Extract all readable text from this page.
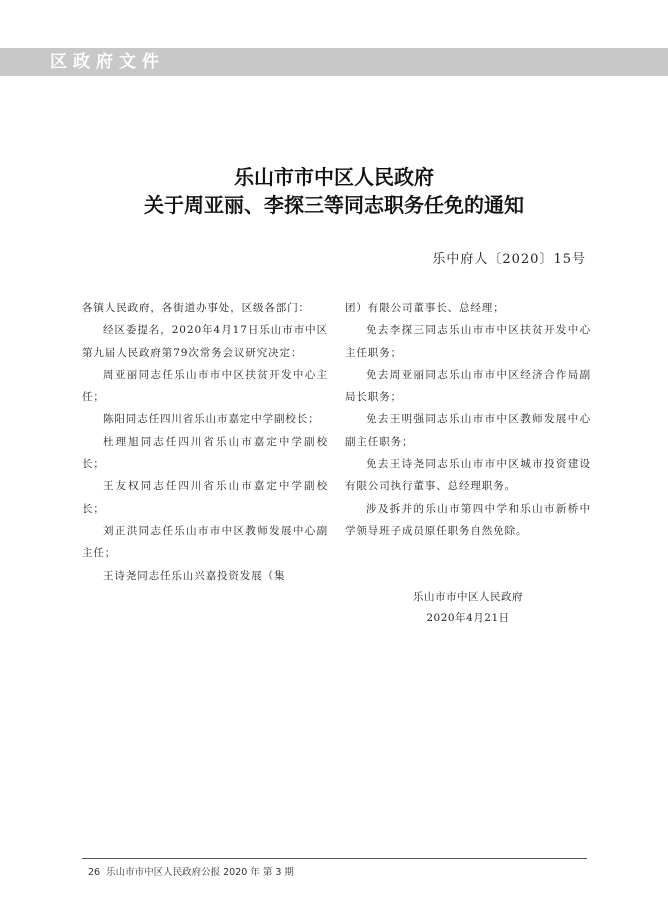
区政府文件
乐山市市中区人民政府
关于周亚丽、李探三等同志职务任免的通知
乐中府人〔2020〕15号

各镇人民政府，各街道办事处，区级各部门：

经区委提名，2020年4月17日乐山市市中区第九届人民政府第79次常务会议研究决定：

周亚丽同志任乐山市市中区扶贫开发中心主任；

陈阳同志任四川省乐山市嘉定中学副校长；

杜理旭同志任四川省乐山市嘉定中学副校长；

王友权同志任四川省乐山市嘉定中学副校长；

刘正洪同志任乐山市市中区教师发展中心副主任；

王诗尧同志任乐山兴嘉投资发展（集

团）有限公司董事长、总经理；

免去李探三同志乐山市市中区扶贫开发中心主任职务；

免去周亚丽同志乐山市市中区经济合作局副局长职务；

免去王明强同志乐山市市中区教师发展中心副主任职务；

免去王诗尧同志乐山市市中区城市投资建设有限公司执行董事、总经理职务。

涉及拆并的乐山市第四中学和乐山市新桥中学领导班子成员原任职务自然免除。

乐山市市中区人民政府
2020年4月21日
26 乐山市市中区人民政府公报 2020 年 第 3 期
